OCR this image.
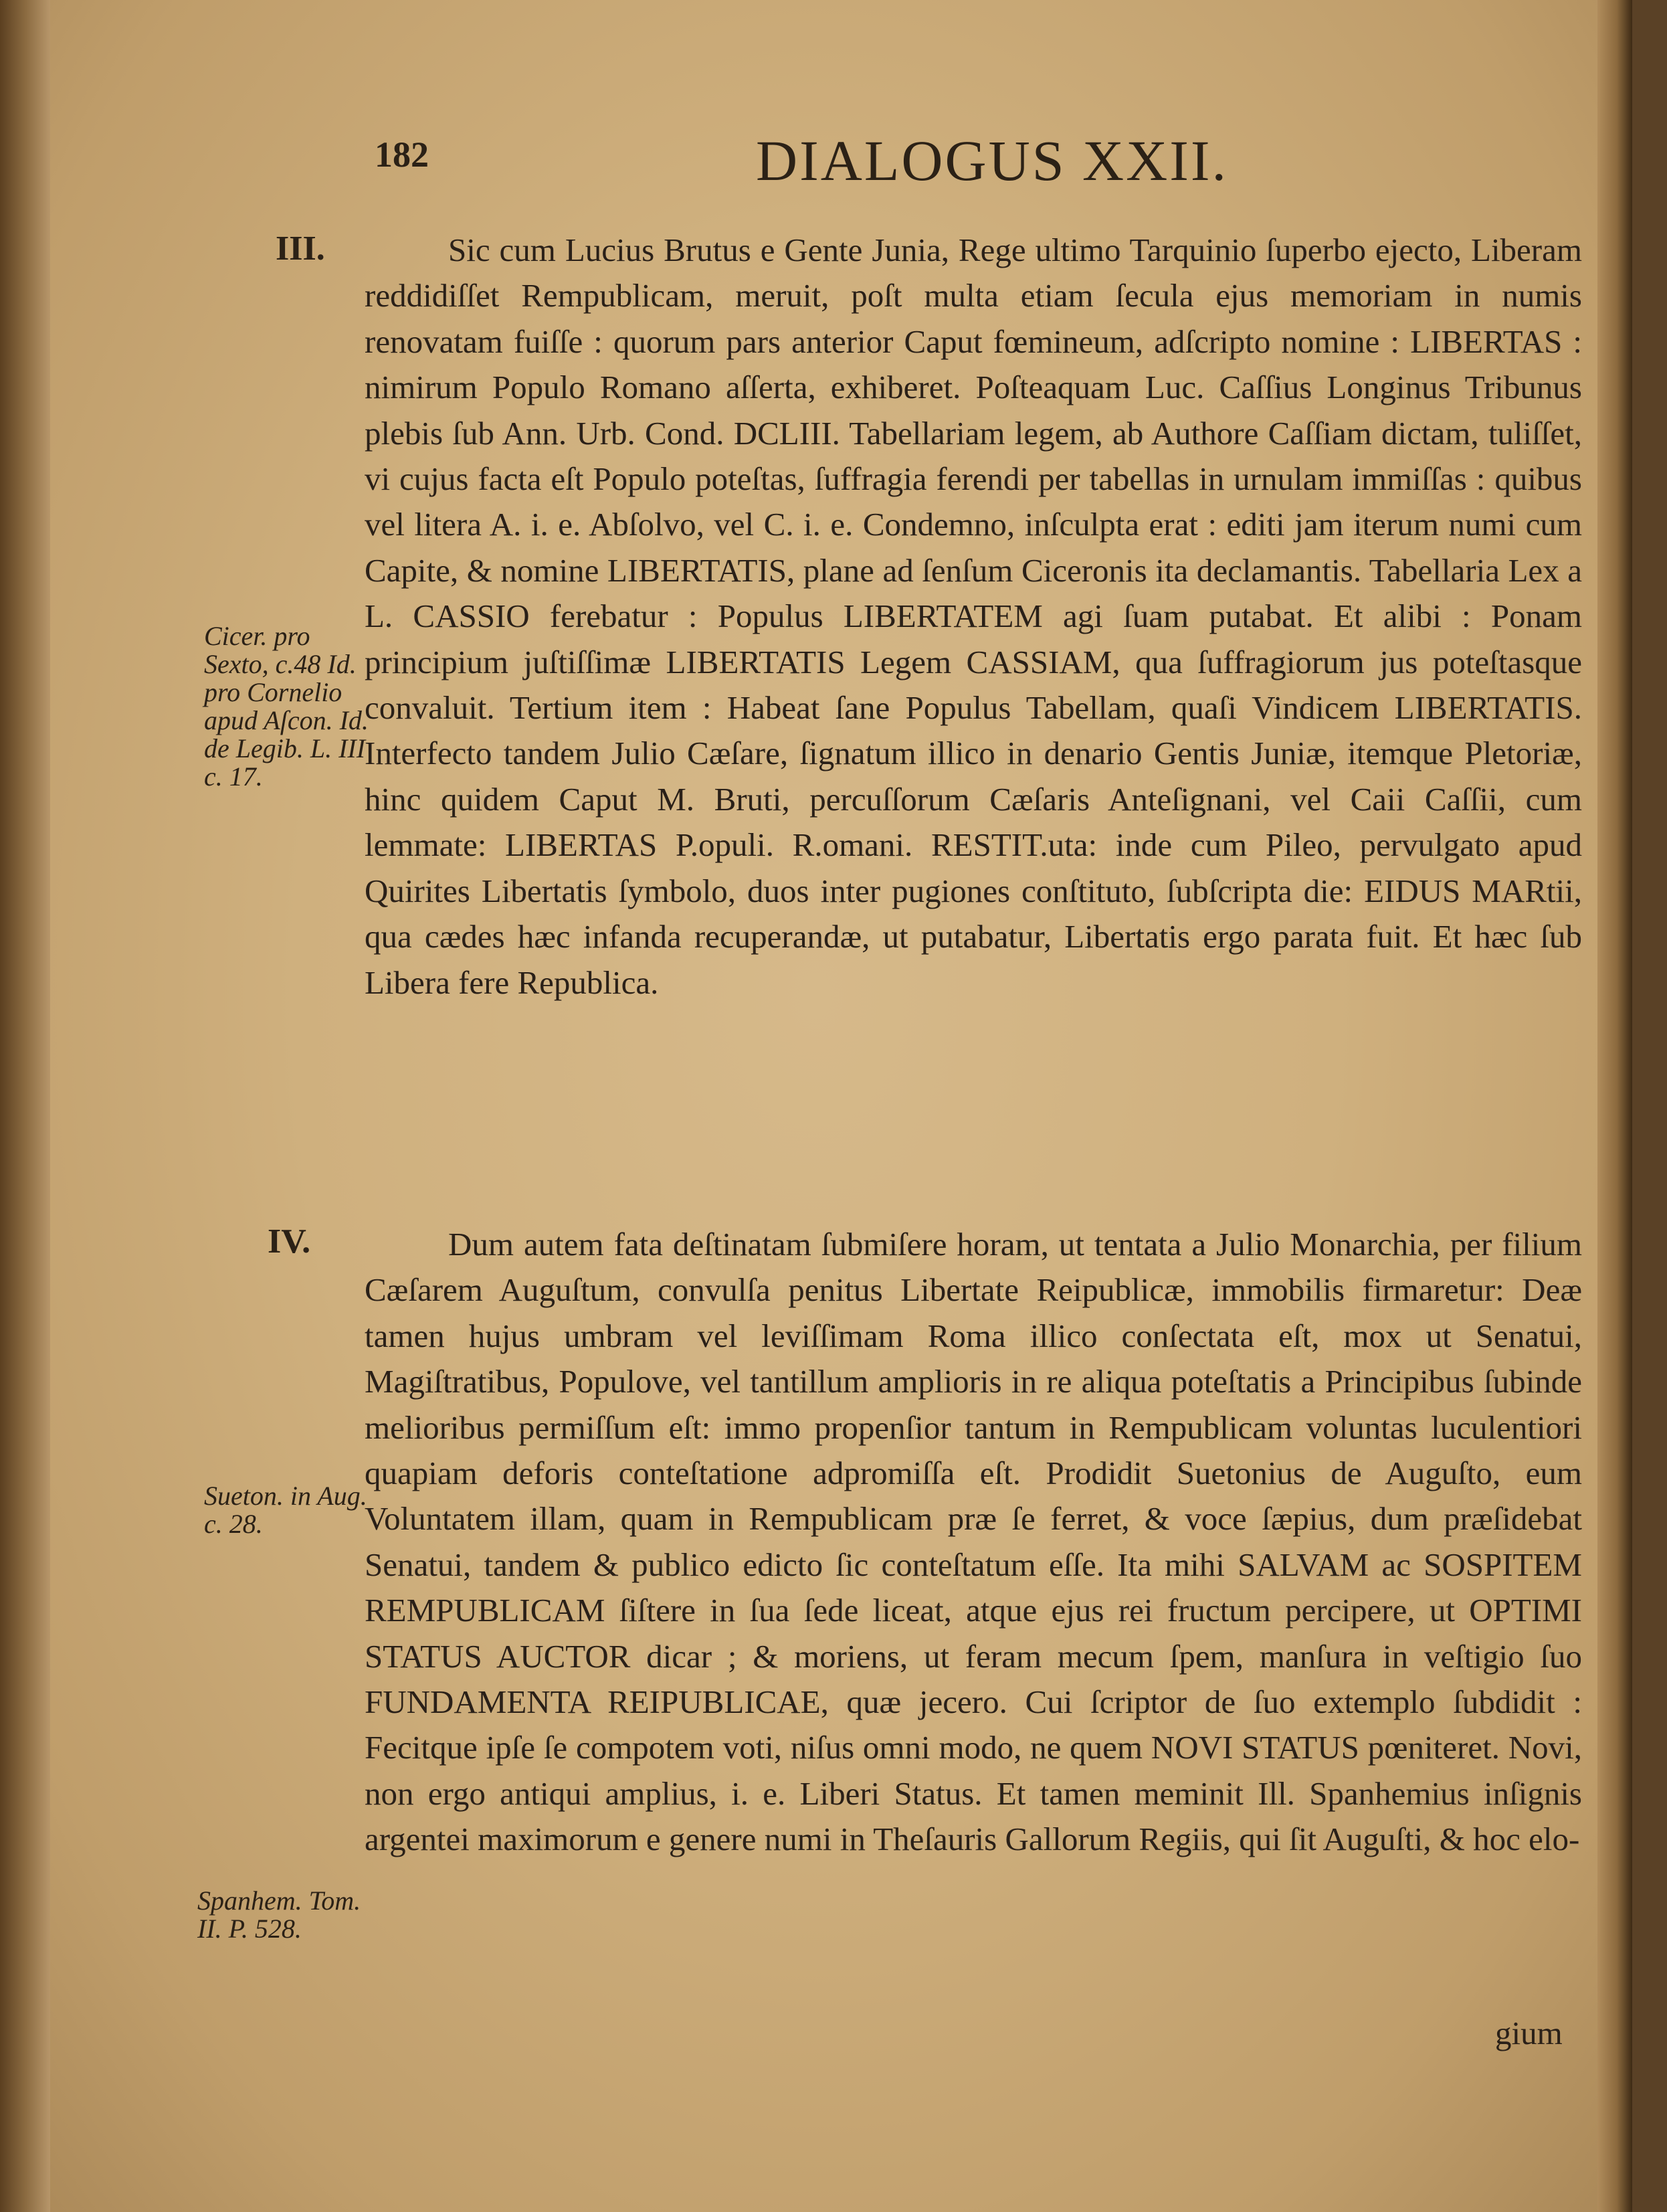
182	DIALOGUS XXII.
III.	Sic cum Lucius Brutus e Gente Junia, Rege ultimo Tarquinio ſuperbo ejecto, Liberam reddidiſſet Rempublicam, meruit, poſt multa etiam ſecula ejus memoriam in numis renovatam fuiſſe : quorum pars anterior Caput fœmineum, adſcripto nomine : LIBERTAS : nimirum Populo Romano aſſerta, exhiberet. Poſteaquam Luc. Caſſius Longinus Tribunus plebis ſub Ann. Urb. Cond. DCLIII. Tabellariam legem, ab Authore Caſſiam dictam, tuliſſet, vi cujus facta eſt Populo poteſtas, ſuffragia ferendi per tabellas in urnulam immiſſas : quibus vel litera A. i. e. Abſolvo, vel C. i. e. Condemno, inſculpta erat : editi jam iterum numi cum Capite, & nomine LIBERTATIS, plane ad ſenſum Ciceronis ita declamantis. Tabellaria Lex a L. CASSIO ferebatur : Populus LIBERTATEM agi ſuam putabat. Et alibi : Ponam principium juſtiſſimæ LIBERTATIS Legem CASSIAM, qua ſuffragiorum jus poteſtasque convaluit. Tertium item : Habeat ſane Populus Tabellam, quaſi Vindicem LIBERTATIS. Interfecto tandem Julio Cæſare, ſignatum illico in denario Gentis Juniæ, itemque Pletoriæ, hinc quidem Caput M. Bruti, percuſſorum Cæſaris Anteſignani, vel Caii Caſſii, cum lemmate: LIBERTAS P.opuli. R.omani. RESTIT.uta: inde cum Pileo, pervulgato apud Quirites Libertatis ſymbolo, duos inter pugiones conſtituto, ſubſcripta die: EIDUS MARtii, qua cædes hæc infanda recuperandæ, ut putabatur, Libertatis ergo parata fuit. Et hæc ſub Libera fere Republica.
Cicer. pro Sexto, c.48 Id. pro Cornelio apud Aſcon. Id. de Legib. L. III c. 17.
IV.	Dum autem fata deſtinatam ſubmiſere horam, ut tentata a Julio Monarchia, per filium Cæſarem Auguſtum, convulſa penitus Libertate Reipublicæ, immobilis firmaretur: Deæ tamen hujus umbram vel leviſſimam Roma illico conſectata eſt, mox ut Senatui, Magiſtratibus, Populove, vel tantillum amplioris in re aliqua poteſtatis a Principibus ſubinde melioribus permiſſum eſt: immo propenſior tantum in Rempublicam voluntas luculentiori quapiam deforis conteſtatione adpromiſſa eſt. Prodidit Suetonius de Auguſto, eum Voluntatem illam, quam in Rempublicam præ ſe ferret, & voce ſæpius, dum præſidebat Senatui, tandem & publico edicto ſic conteſtatum eſſe. Ita mihi SALVAM ac SOSPITEM REMPUBLICAM ſiſtere in ſua ſede liceat, atque ejus rei fructum percipere, ut OPTIMI STATUS AUCTOR dicar ; & moriens, ut feram mecum ſpem, manſura in veſtigio ſuo FUNDAMENTA REIPUBLICAE, quæ jecero. Cui ſcriptor de ſuo extemplo ſubdidit : Fecitque ipſe ſe compotem voti, niſus omni modo, ne quem NOVI STATUS pœniteret. Novi, non ergo antiqui amplius, i. e. Liberi Status. Et tamen meminit Ill. Spanhemius inſignis argentei maximorum e genere numi in Theſauris Gallorum Regiis, qui ſit Auguſti, & hoc elo-
Sueton. in Aug. c. 28.
Spanhem. Tom. II. P. 528.
gium
